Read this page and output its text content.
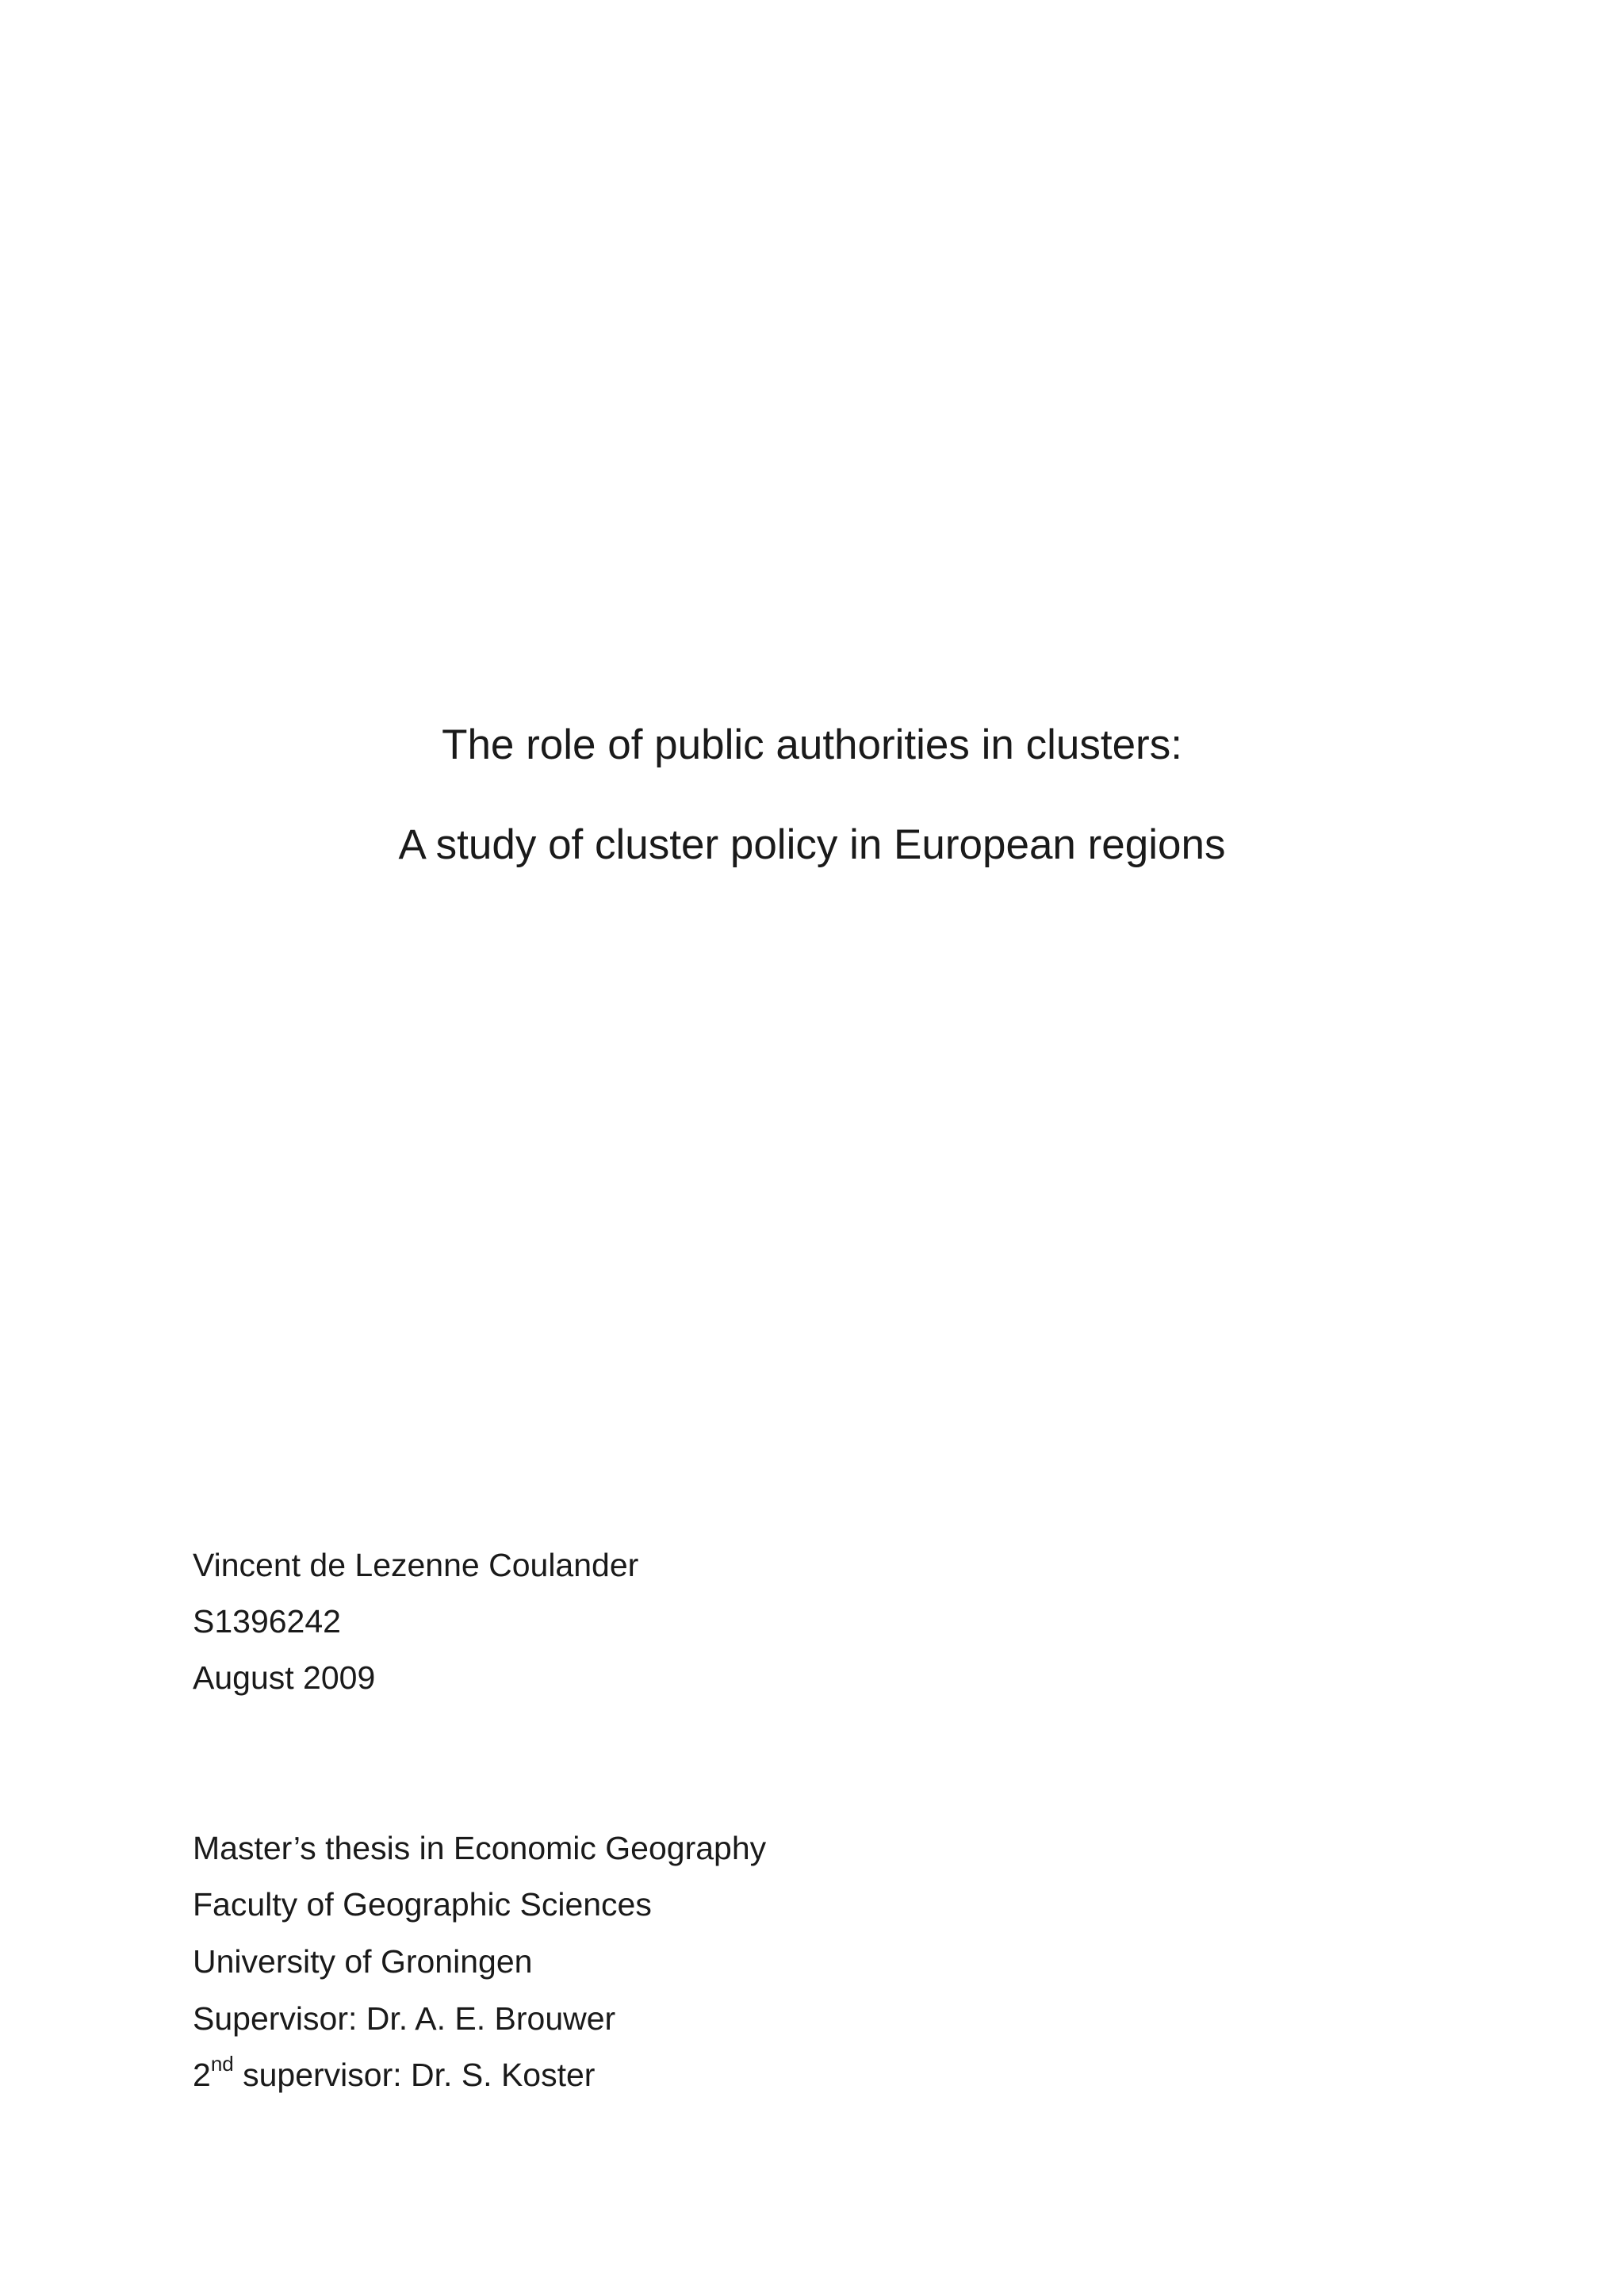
The role of public authorities in clusters:
A study of cluster policy in European regions
Vincent de Lezenne Coulander
S1396242
August 2009
Master’s thesis in Economic Geography
Faculty of Geographic Sciences
University of Groningen
Supervisor: Dr. A. E. Brouwer
2nd supervisor: Dr. S. Koster
